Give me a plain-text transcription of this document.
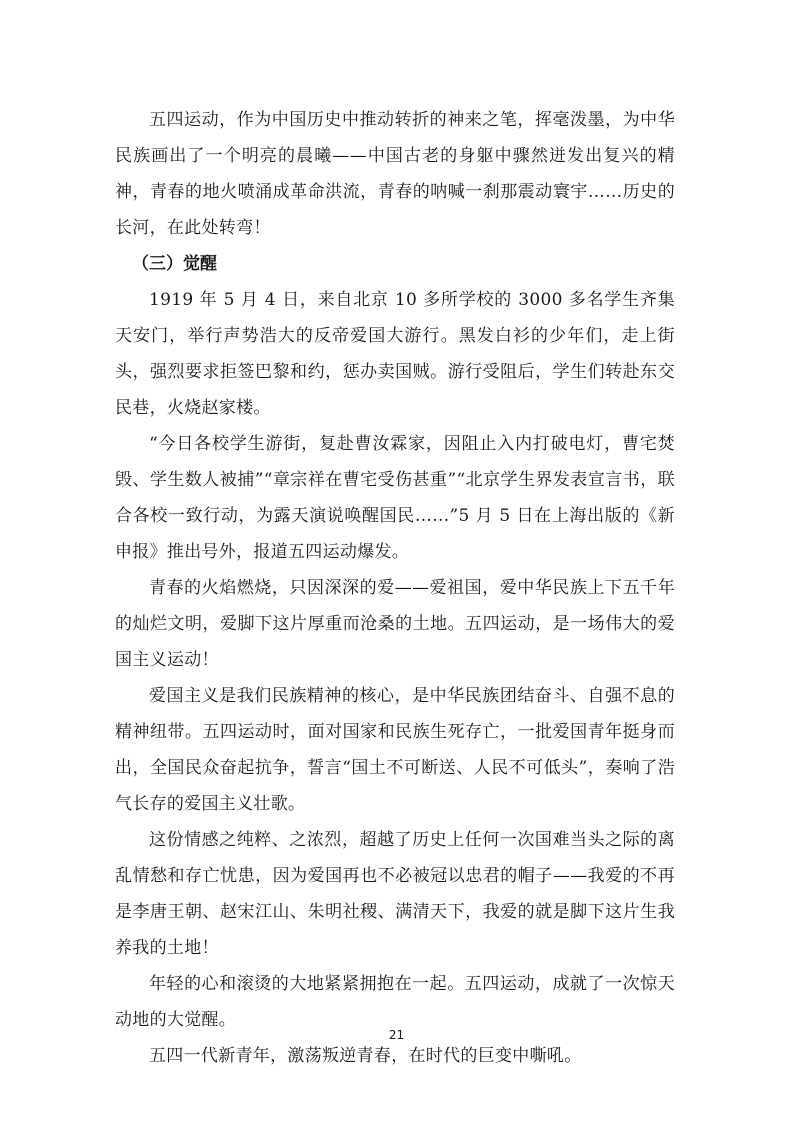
五四运动，作为中国历史中推动转折的神来之笔，挥毫泼墨，为中华民族画出了一个明亮的晨曦——中国古老的身躯中骤然迸发出复兴的精神，青春的地火喷涌成革命洪流，青春的呐喊一刹那震动寰宇……历史的长河，在此处转弯！

（三）觉醒

1919 年 5 月 4 日，来自北京 10 多所学校的 3000 多名学生齐集天安门，举行声势浩大的反帝爱国大游行。黑发白衫的少年们，走上街头，强烈要求拒签巴黎和约，惩办卖国贼。游行受阻后，学生们转赴东交民巷，火烧赵家楼。

“今日各校学生游街，复赴曹汝霖家，因阻止入内打破电灯，曹宅焚毁、学生数人被捕”“章宗祥在曹宅受伤甚重”“北京学生界发表宣言书，联合各校一致行动，为露天演说唤醒国民……”5 月 5 日在上海出版的《新申报》推出号外，报道五四运动爆发。

青春的火焰燃烧，只因深深的爱——爱祖国，爱中华民族上下五千年的灿烂文明，爱脚下这片厚重而沧桑的土地。五四运动，是一场伟大的爱国主义运动！

爱国主义是我们民族精神的核心，是中华民族团结奋斗、自强不息的精神纽带。五四运动时，面对国家和民族生死存亡，一批爱国青年挺身而出，全国民众奋起抗争，誓言“国土不可断送、人民不可低头”，奏响了浩气长存的爱国主义壮歌。

这份情感之纯粹、之浓烈，超越了历史上任何一次国难当头之际的离乱情愁和存亡忧患，因为爱国再也不必被冠以忠君的帽子——我爱的不再是李唐王朝、赵宋江山、朱明社稷、满清天下，我爱的就是脚下这片生我养我的土地！

年轻的心和滚烫的大地紧紧拥抱在一起。五四运动，成就了一次惊天动地的大觉醒。

五四一代新青年，激荡叛逆青春，在时代的巨变中嘶吼。

21
